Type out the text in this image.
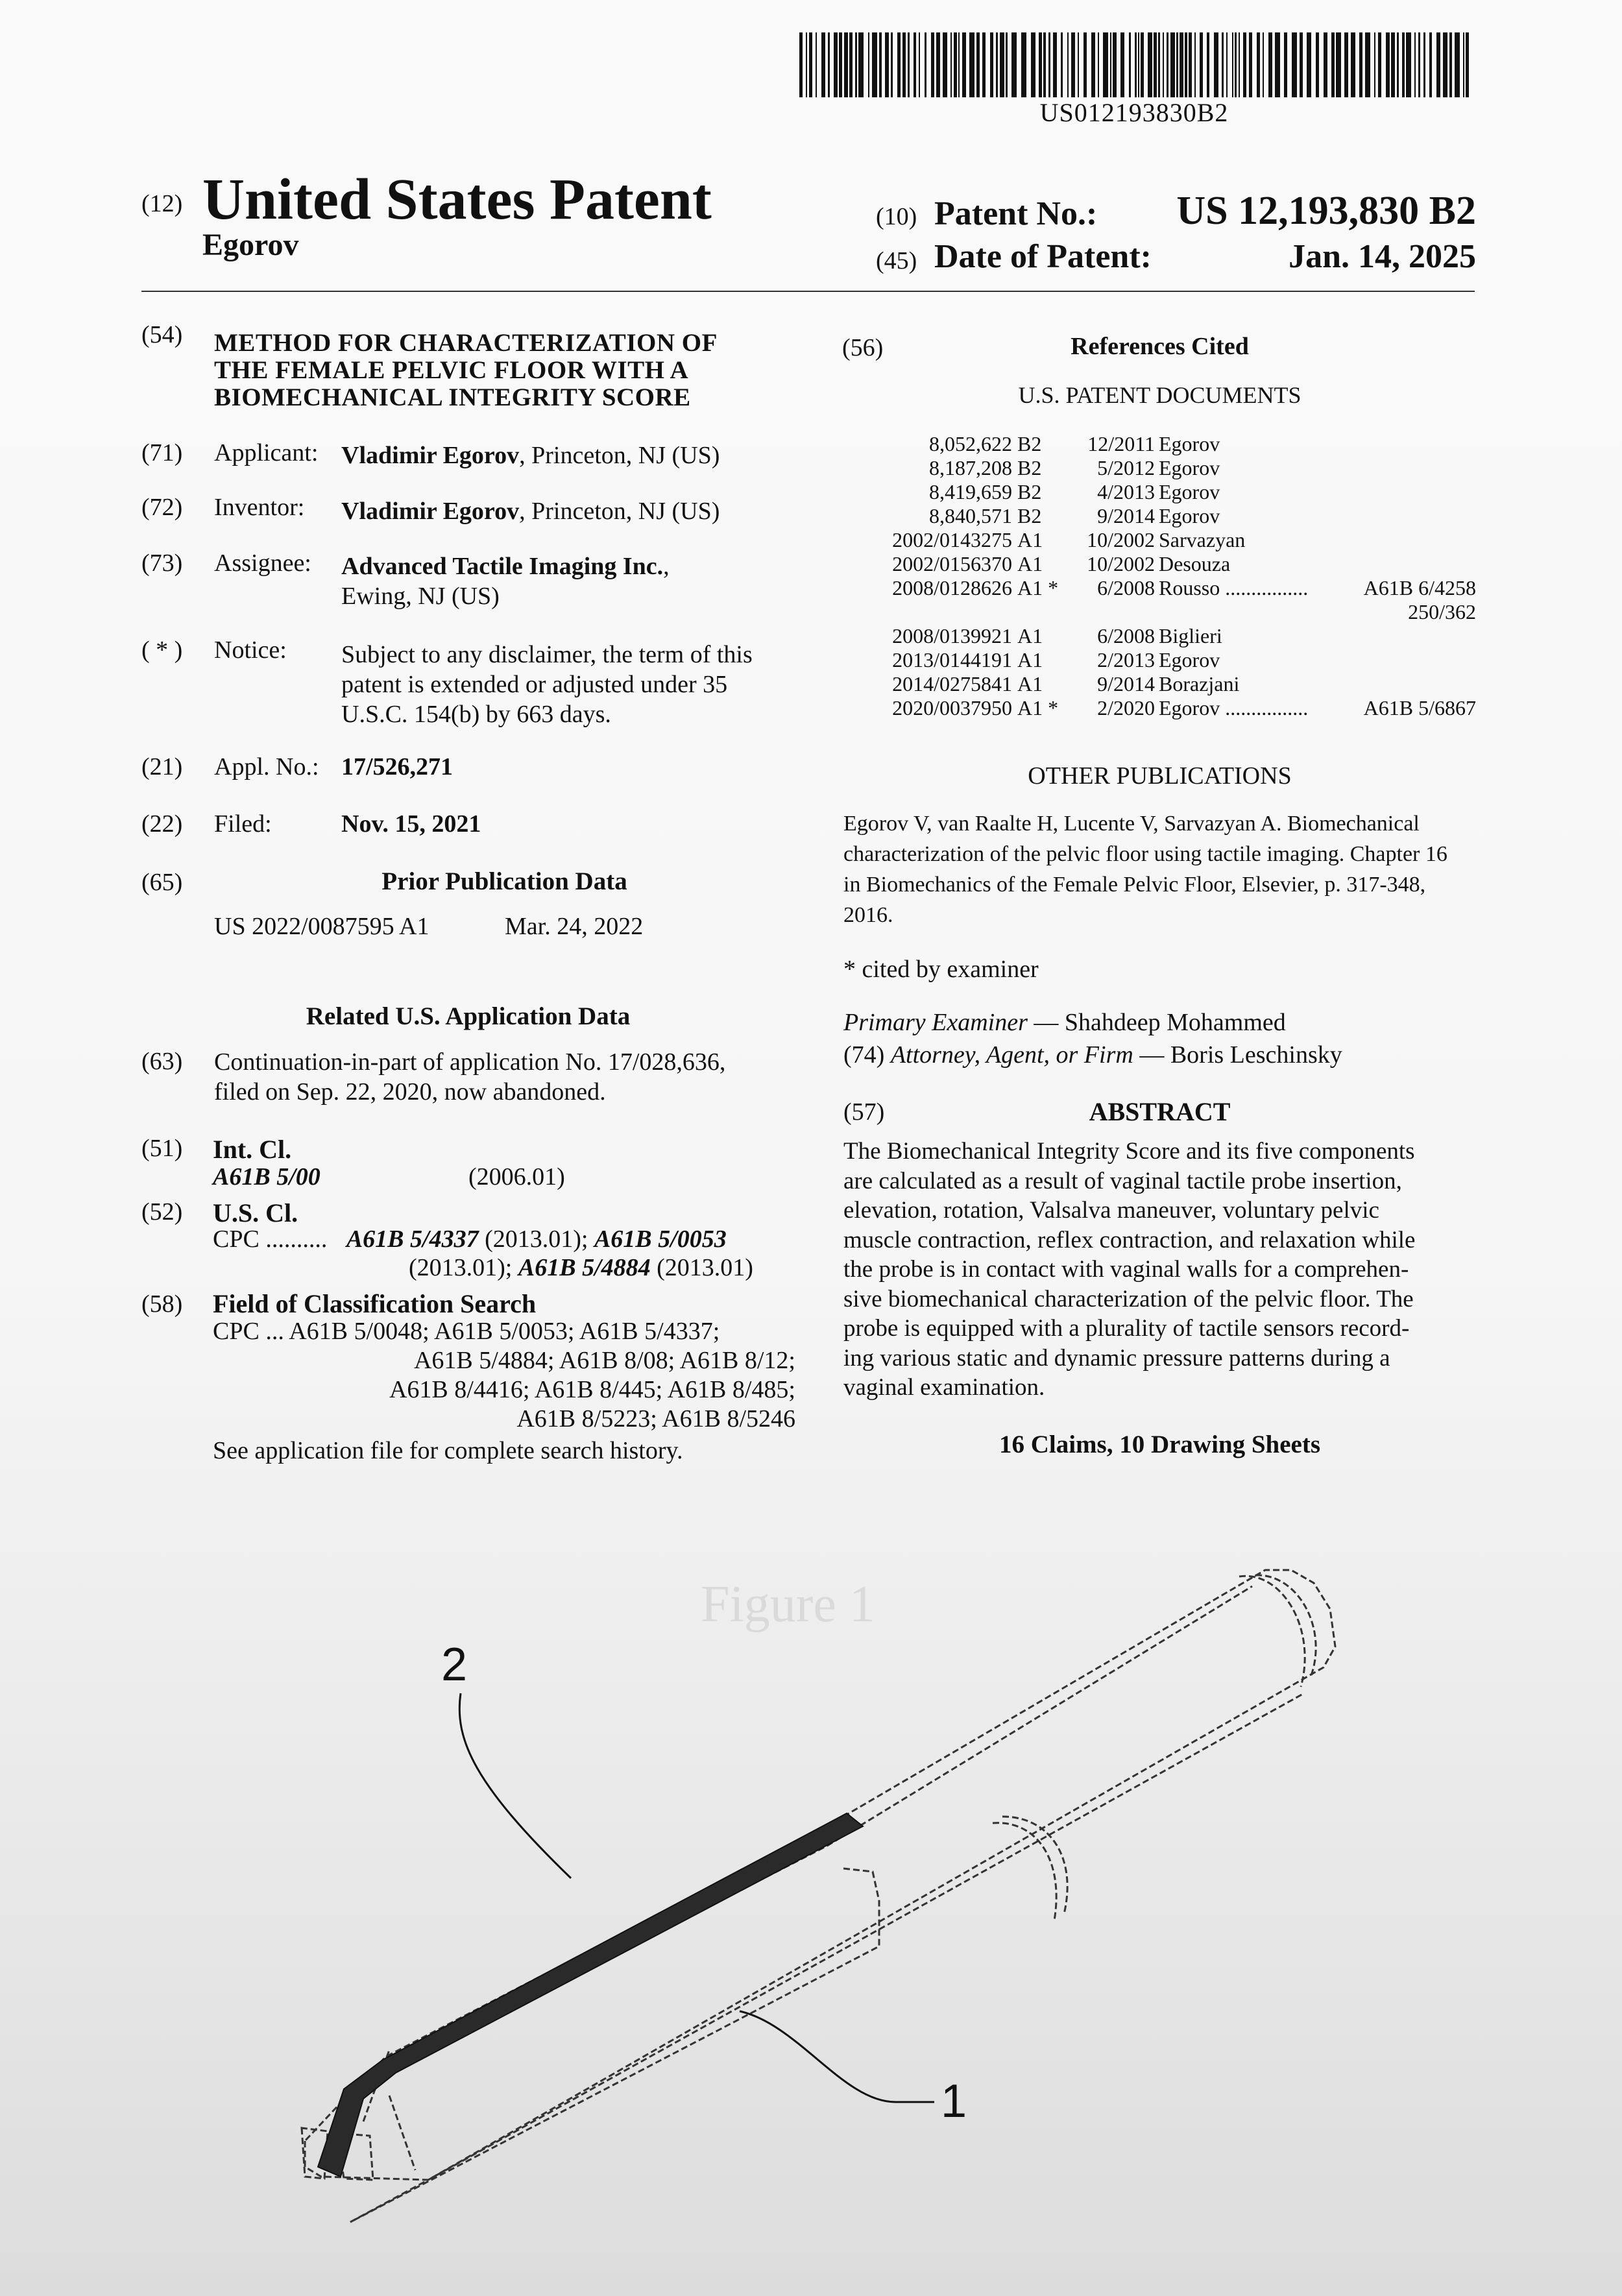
US012193830B2
(12) United States Patent
Egorov
(10) Patent No.:	US 12,193,830 B2
(45) Date of Patent:	Jan. 14, 2025
(54) METHOD FOR CHARACTERIZATION OF
THE FEMALE PELVIC FLOOR WITH A
BIOMECHANICAL INTEGRITY SCORE
(71) Applicant: Vladimir Egorov, Princeton, NJ (US)
(72) Inventor: Vladimir Egorov, Princeton, NJ (US)
(73) Assignee: Advanced Tactile Imaging Inc.,
Ewing, NJ (US)
( * ) Notice: Subject to any disclaimer, the term of this
patent is extended or adjusted under 35
U.S.C. 154(b) by 663 days.
(21) Appl. No.: 17/526,271
(22) Filed:	Nov. 15, 2021
(65)	Prior Publication Data
US 2022/0087595 A1	Mar. 24, 2022
Related U.S. Application Data
(63) Continuation-in-part of application No. 17/028,636,
filed on Sep. 22, 2020, now abandoned.
(51) Int. Cl.
A61B 5/00	(2006.01)
(52) U.S. Cl.
CPC .......... A61B 5/4337 (2013.01); A61B 5/0053
(2013.01); A61B 5/4884 (2013.01)
(58) Field of Classification Search
CPC ... A61B 5/0048; A61B 5/0053; A61B 5/4337;
A61B 5/4884; A61B 8/08; A61B 8/12;
A61B 8/4416; A61B 8/445; A61B 8/485;
A61B 8/5223; A61B 8/5246
See application file for complete search history.
(56)	References Cited
U.S. PATENT DOCUMENTS
8,052,622 B2	12/2011 Egorov
8,187,208 B2	5/2012 Egorov
8,419,659 B2	4/2013 Egorov
8,840,571 B2	9/2014 Egorov
2002/0143275 A1	10/2002 Sarvazyan
2002/0156370 A1	10/2002 Desouza
2008/0128626 A1 *	6/2008 Rousso ................	A61B 6/4258
250/362
2008/0139921 A1	6/2008 Biglieri
2013/0144191 A1	2/2013 Egorov
2014/0275841 A1	9/2014 Borazjani
2020/0037950 A1 *	2/2020 Egorov ................	A61B 5/6867
OTHER PUBLICATIONS
Egorov V, van Raalte H, Lucente V, Sarvazyan A. Biomechanical
characterization of the pelvic floor using tactile imaging. Chapter 16
in Biomechanics of the Female Pelvic Floor, Elsevier, p. 317-348,
2016.
* cited by examiner
Primary Examiner — Shahdeep Mohammed
(74) Attorney, Agent, or Firm — Boris Leschinsky
(57)	ABSTRACT
The Biomechanical Integrity Score and its five components
are calculated as a result of vaginal tactile probe insertion,
elevation, rotation, Valsalva maneuver, voluntary pelvic
muscle contraction, reflex contraction, and relaxation while
the probe is in contact with vaginal walls for a comprehen-
sive biomechanical characterization of the pelvic floor. The
probe is equipped with a plurality of tactile sensors record-
ing various static and dynamic pressure patterns during a
vaginal examination.
16 Claims, 10 Drawing Sheets
Figure 1
2
1
